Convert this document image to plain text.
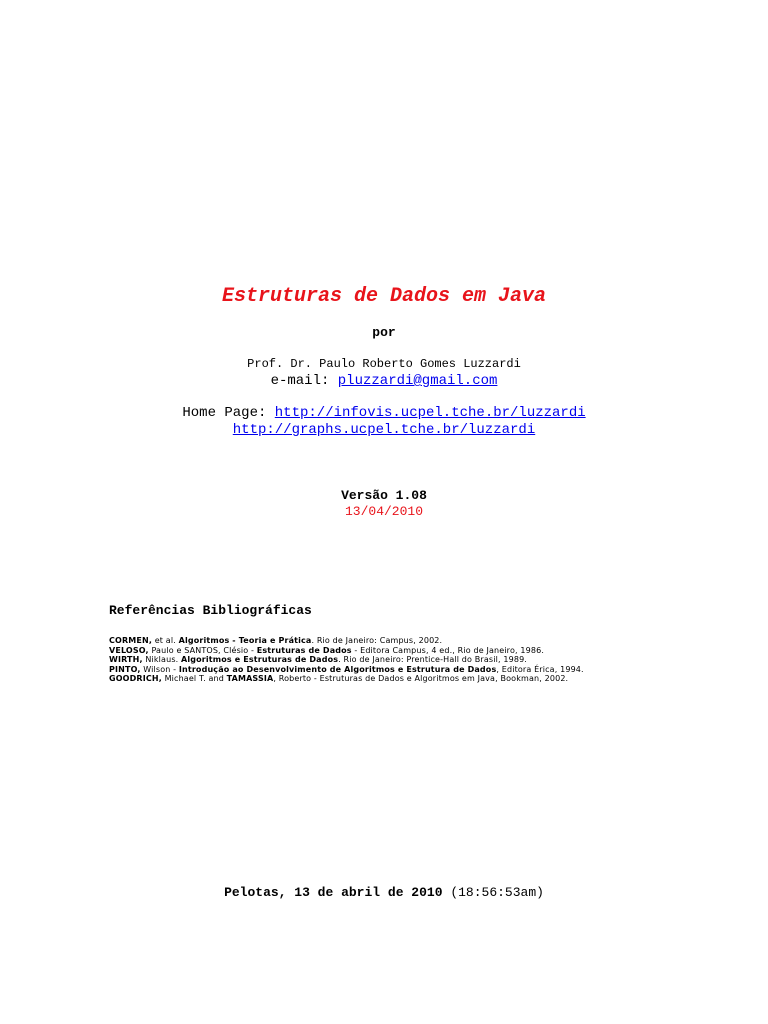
Estruturas de Dados em Java
por
Prof. Dr. Paulo Roberto Gomes Luzzardi
e-mail: pluzzardi@gmail.com
Home Page: http://infovis.ucpel.tche.br/luzzardi
http://graphs.ucpel.tche.br/luzzardi
Versão 1.08
13/04/2010
Referências Bibliográficas

CORMEN, et al. Algoritmos - Teoria e Prática. Rio de Janeiro: Campus, 2002.

VELOSO, Paulo e SANTOS, Clésio - Estruturas de Dados - Editora Campus, 4 ed., Rio de Janeiro, 1986.

WIRTH, Niklaus. Algoritmos e Estruturas de Dados. Rio de Janeiro: Prentice-Hall do Brasil, 1989.

PINTO, Wilson - Introdução ao Desenvolvimento de Algoritmos e Estrutura de Dados, Editora Érica, 1994.

GOODRICH, Michael T. and TAMASSIA, Roberto - Estruturas de Dados e Algoritmos em Java, Bookman, 2002.

Pelotas, 13 de abril de 2010 (18:56:53am)
